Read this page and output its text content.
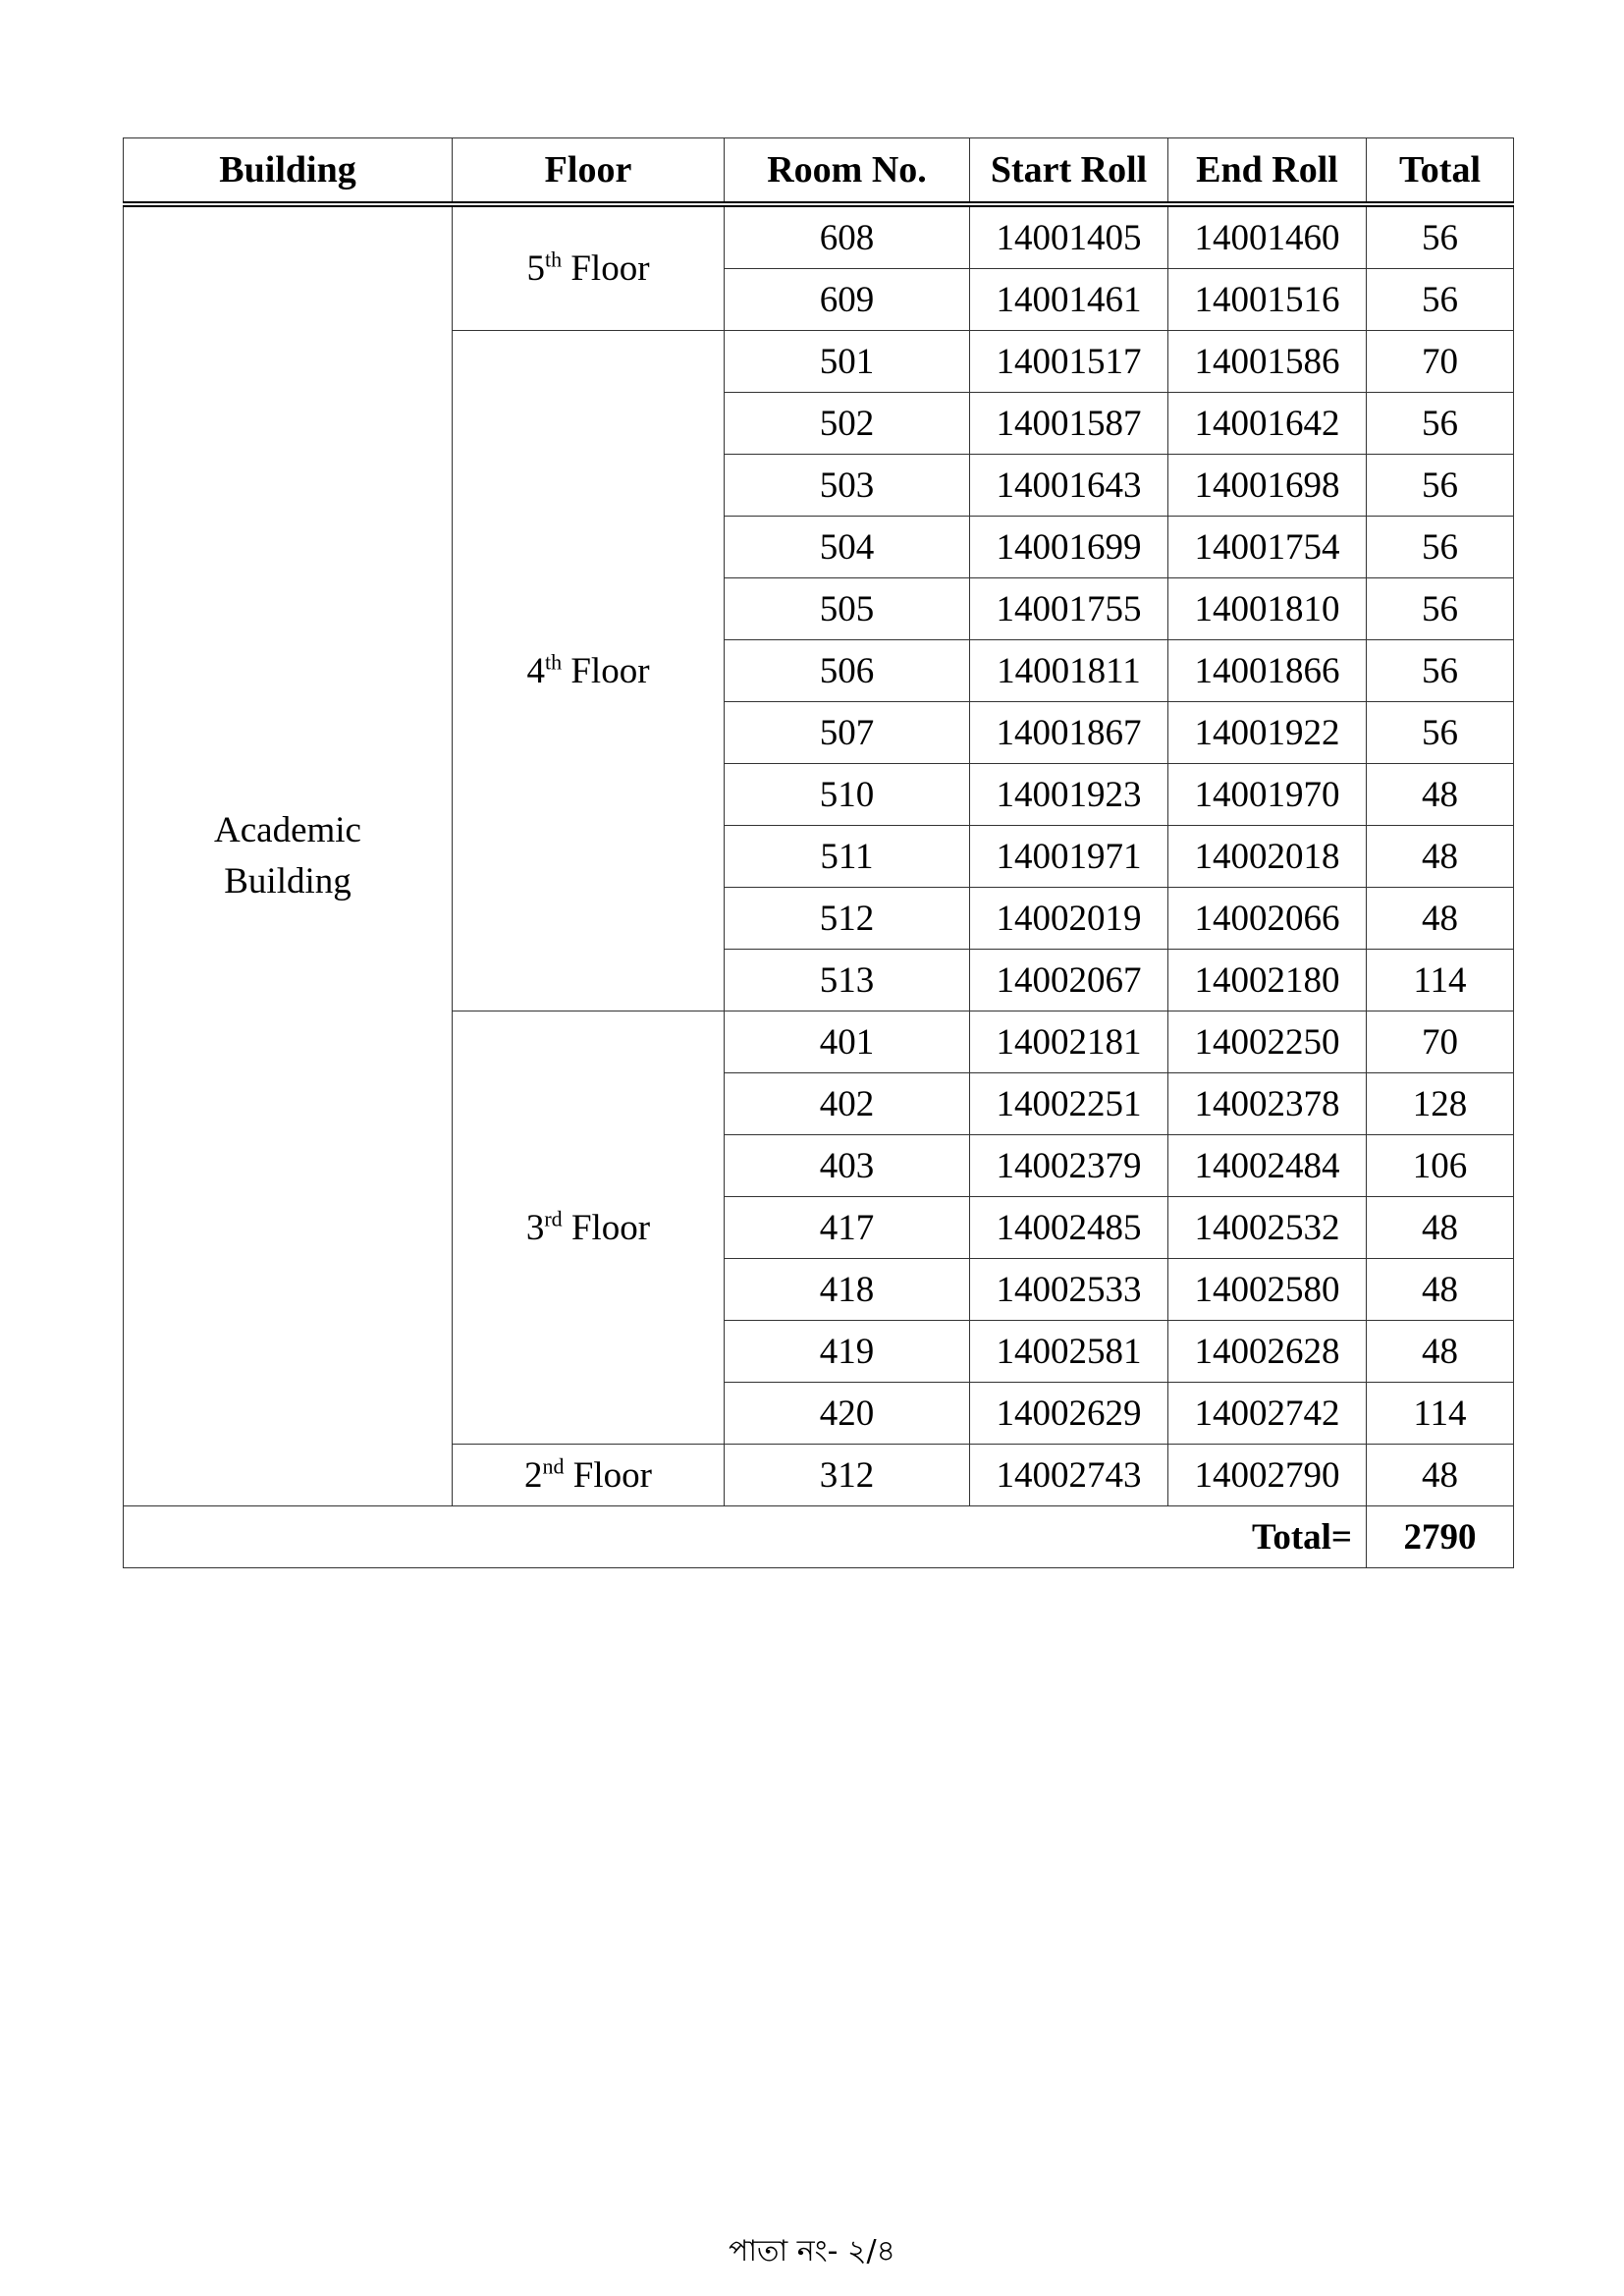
Building	Floor	Room No.	Start Roll	End Roll	Total
Academic
Building	5th Floor	608	14001405	14001460	56
		609	14001461	14001516	56
	4th Floor	501	14001517	14001586	70
		502	14001587	14001642	56
		503	14001643	14001698	56
		504	14001699	14001754	56
		505	14001755	14001810	56
		506	14001811	14001866	56
		507	14001867	14001922	56
		510	14001923	14001970	48
		511	14001971	14002018	48
		512	14002019	14002066	48
		513	14002067	14002180	114
	3rd Floor	401	14002181	14002250	70
		402	14002251	14002378	128
		403	14002379	14002484	106
		417	14002485	14002532	48
		418	14002533	14002580	48
		419	14002581	14002628	48
		420	14002629	14002742	114
	2nd Floor	312	14002743	14002790	48
Total=					2790
পাতা নং- ২/৪
